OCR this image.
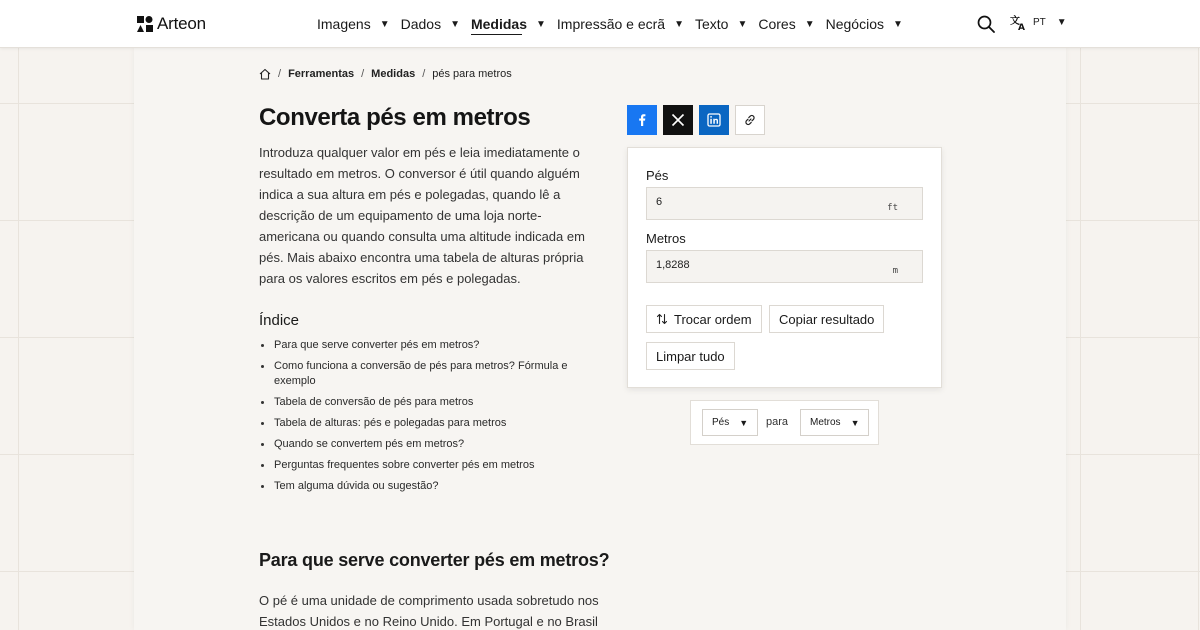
Arteon	Imagens ▼ Dados ▼ Medidas ▼ Impressão e ecrã ▼ Texto ▼ Cores ▼ Negócios ▼	文
A PT ▼
/ Ferramentas / Medidas / pés para metros
Converta pés em metros

Introduza qualquer valor em pés e leia imediatamente o resultado em metros. O conversor é útil quando alguém indica a sua altura em pés e polegadas, quando lê a descrição de um equipamento de uma loja norte-americana ou quando consulta uma altitude indicada em pés. Mais abaixo encontra uma tabela de alturas própria para os valores escritos em pés e polegadas.

Índice
Para que serve converter pés em metros?
Como funciona a conversão de pés para metros? Fórmula e exemplo
Tabela de conversão de pés para metros
Tabela de alturas: pés e polegadas para metros
Quando se convertem pés em metros?
Perguntas frequentes sobre converter pés em metros
Tem alguma dúvida ou sugestão?
Para que serve converter pés em metros?

O pé é uma unidade de comprimento usada sobretudo nos Estados Unidos e no Reino Unido. Em Portugal e no Brasil

Pés
6
ft
Metros
1,8288
m
Trocar ordem Copiar resultado
Limpar tudo
Pés ▼ para Metros ▼
